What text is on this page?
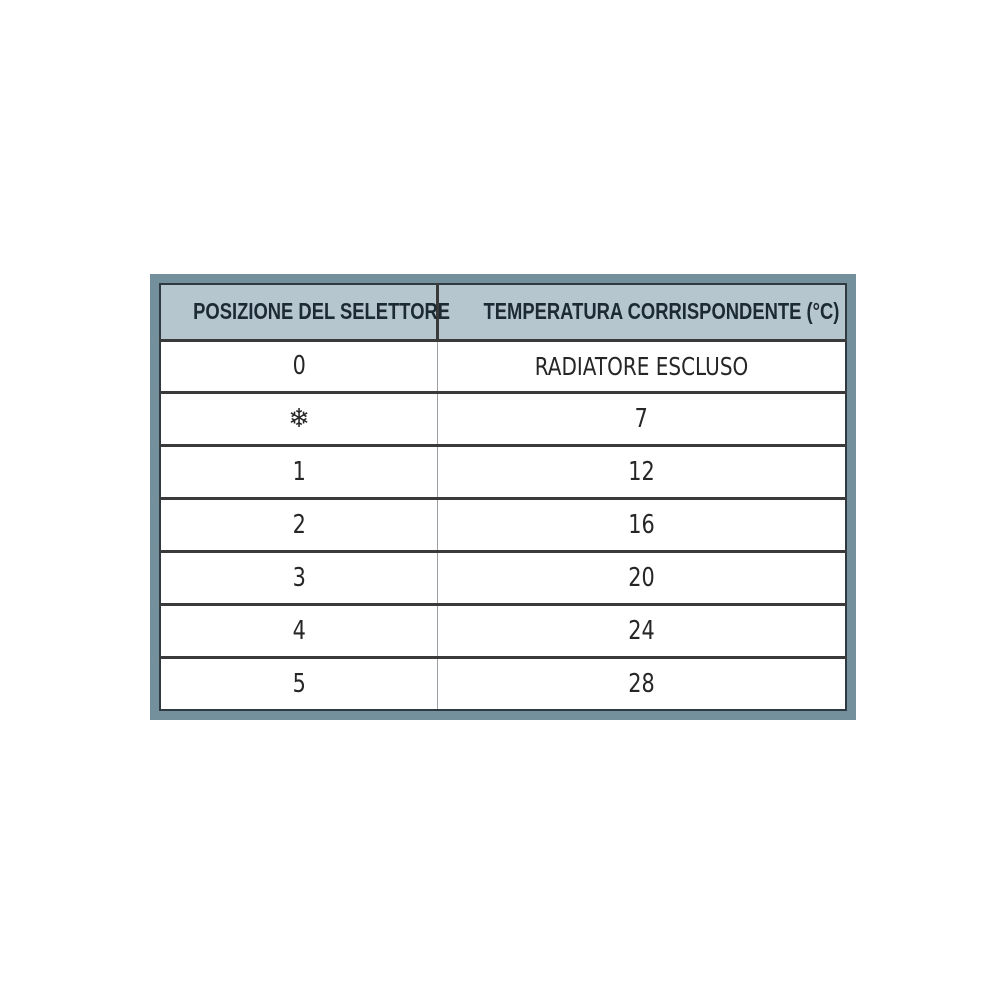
POSIZIONE DEL SELETTORE	TEMPERATURA CORRISPONDENTE (°C)
0	RADIATORE ESCLUSO
❄	7
1	12
2	16
3	20
4	24
5	28
